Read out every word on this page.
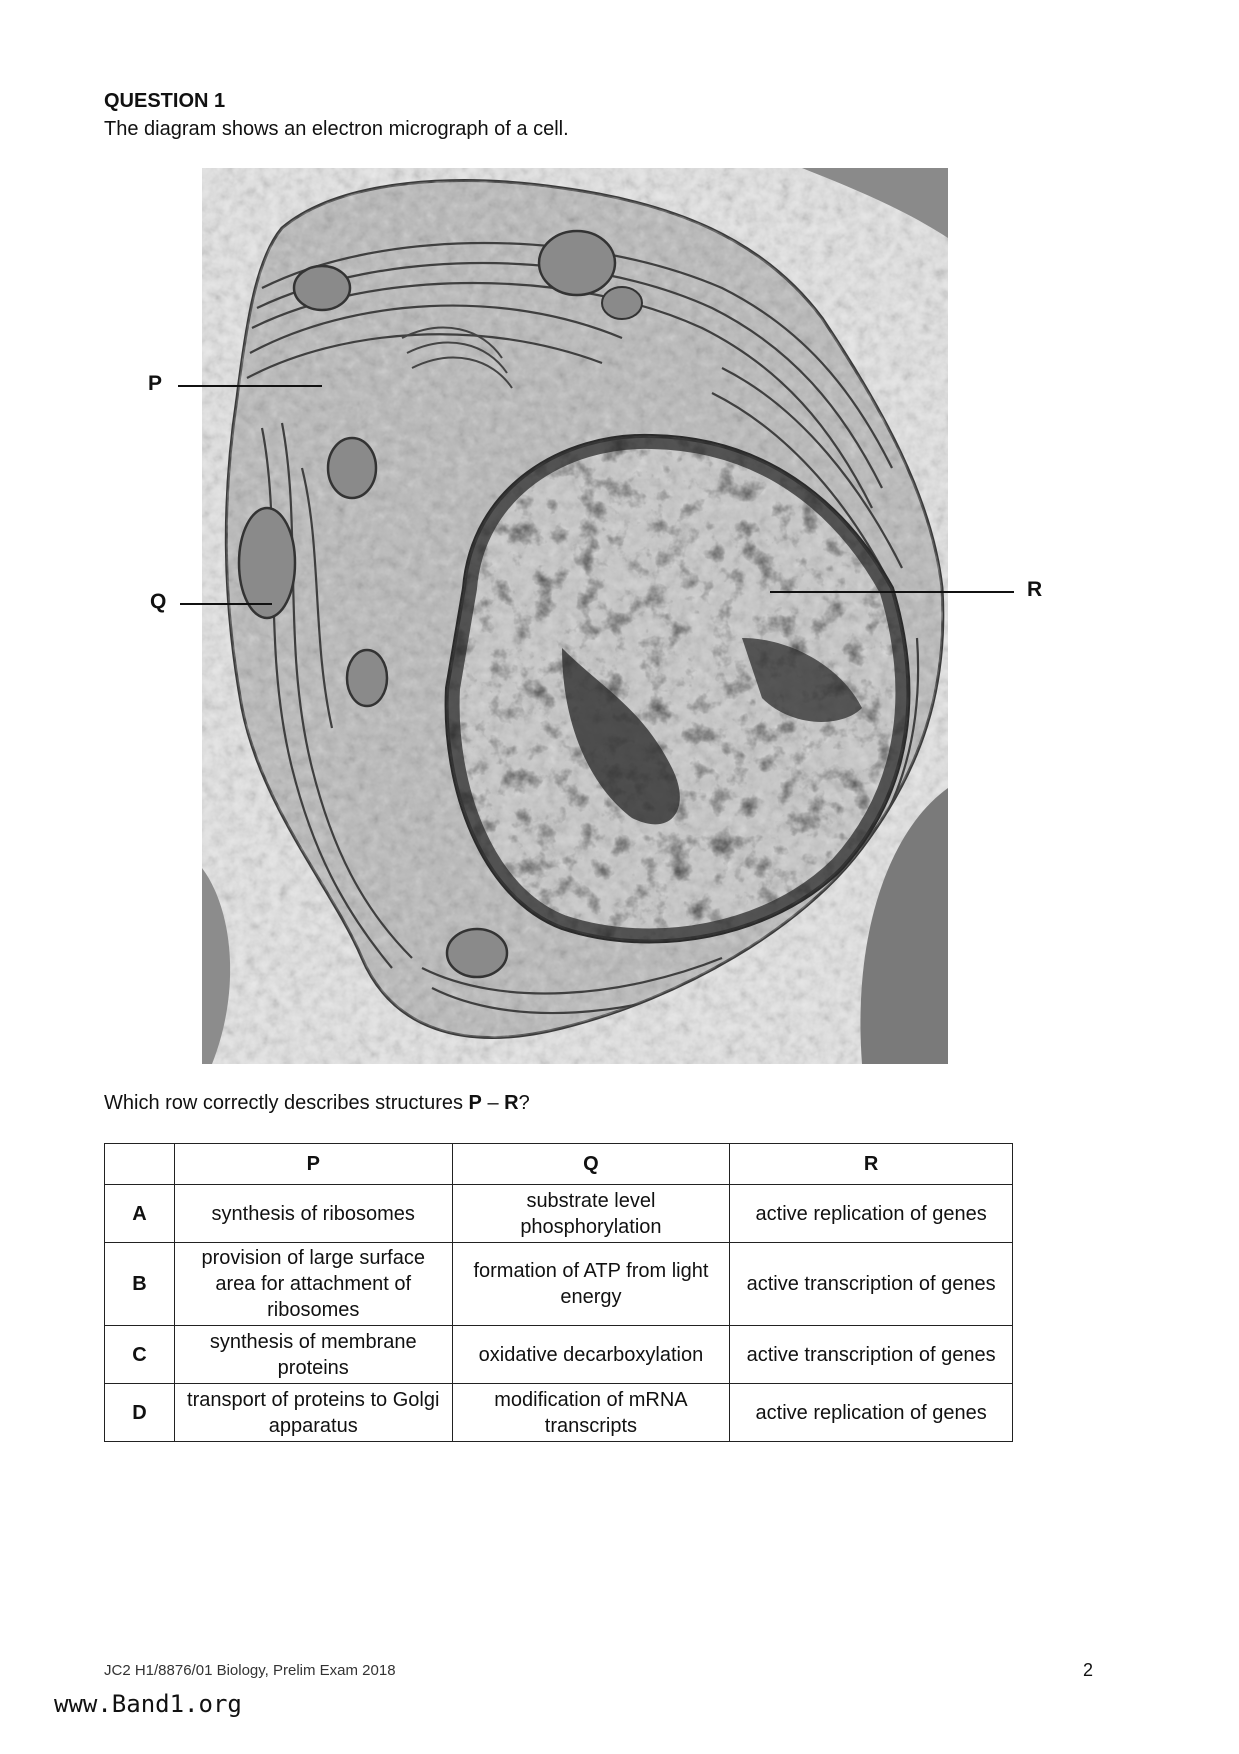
QUESTION 1
The diagram shows an electron micrograph of a cell.
P
Q
R
Which row correctly describes structures P – R?
	P	Q	R
A	synthesis of ribosomes	substrate level phosphorylation	active replication of genes
B	provision of large surface area for attachment of ribosomes	formation of ATP from light energy	active transcription of genes
C	synthesis of membrane proteins	oxidative decarboxylation	active transcription of genes
D	transport of proteins to Golgi apparatus	modification of mRNA transcripts	active replication of genes
JC2 H1/8876/01 Biology, Prelim Exam 2018	2
www.Band1.org
